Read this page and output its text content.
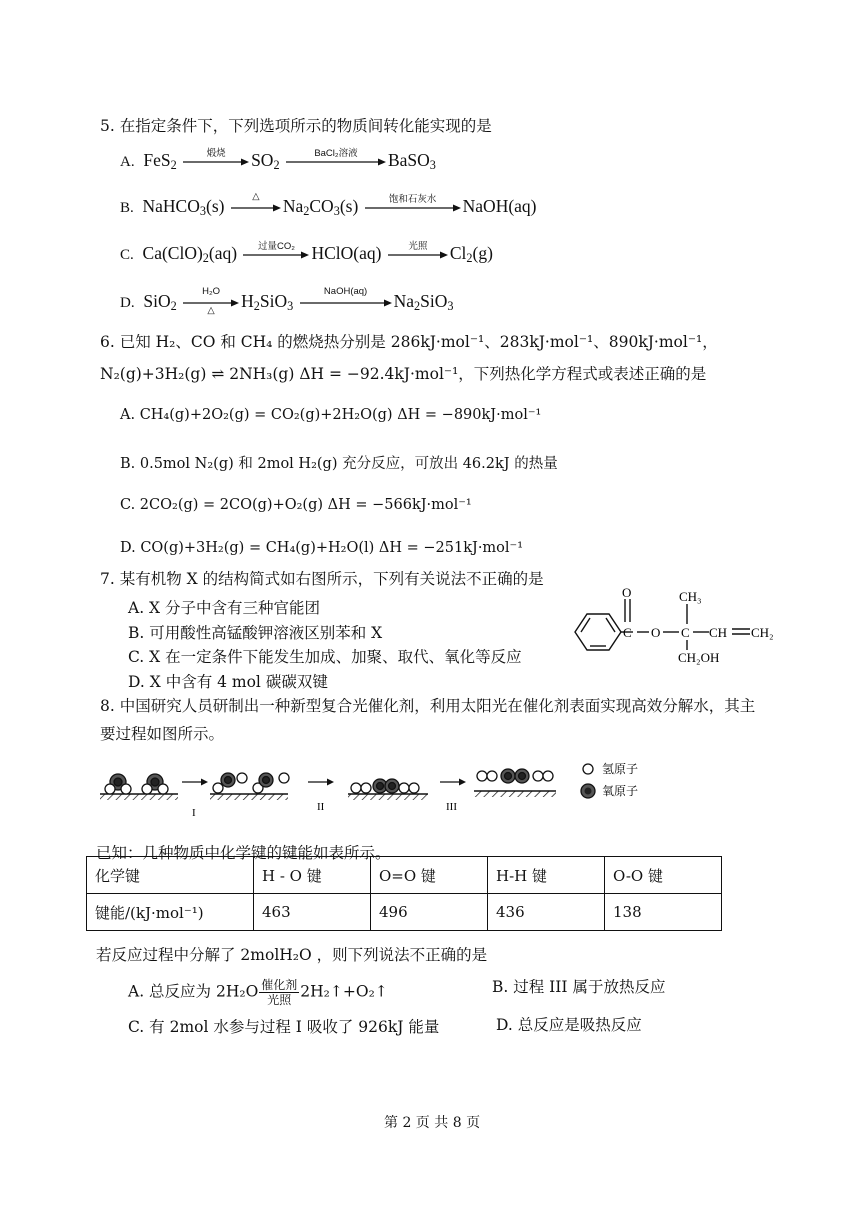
5. 在指定条件下，下列选项所示的物质间转化能实现的是
A. FeS$_2$
煅烧	$SO_2$
BaCl₂溶液	BaSO$_3$
B. NaHCO$_3$(s)	△	$Na_2CO_3(s)$	饱和石灰水	NaOH(aq)
C. $Ca(ClO)_2(aq)$	过量CO₂ HClO(aq)	光照	$Cl_2(g)$
D. SiO$_2$
H₂O
△	$H_2SiO_3$
NaOH(aq)	$Na_2SiO_3$
6. 已知 H₂、CO 和 CH₄ 的燃烧热分别是 286kJ·mol⁻¹、283kJ·mol⁻¹、890kJ·mol⁻¹，
N₂(g)+3H₂(g) ⇌ 2NH₃(g) ΔH = −92.4kJ·mol⁻¹，下列热化学方程式或表述正确的是
A. CH₄(g)+2O₂(g) = CO₂(g)+2H₂O(g) ΔH = −890kJ·mol⁻¹
B. 0.5mol N₂(g) 和 2mol H₂(g) 充分反应，可放出 46.2kJ 的热量
C. 2CO₂(g) = 2CO(g)+O₂(g) ΔH = −566kJ·mol⁻¹
D. CO(g)+3H₂(g) = CH₄(g)+H₂O(l) ΔH = −251kJ·mol⁻¹
7. 某有机物 X 的结构简式如右图所示，下列有关说法不正确的是
A. X 分子中含有三种官能团
B. 可用酸性高锰酸钾溶液区别苯和 X
C. X 在一定条件下能发生加成、加聚、取代、氧化等反应
D. X 中含有 4 mol 碳碳双键
O
C O
CH₃
C CH CH₂
CH₂OH
8. 中国研究人员研制出一种新型复合光催化剂，利用太阳光在催化剂表面实现高效分解水，其主
要过程如图所示。
I	II	III
氢原子
氧原子
已知：几种物质中化学键的键能如表所示。
化学键	H - O 键	O=O 键	H-H 键	O-O 键
键能/(kJ·mol⁻¹)	463	496	436	138
若反应过程中分解了 2molH₂O ，则下列说法不正确的是
A. 总反应为 $2H_2O \frac{\text{催化剂}}{\text{光照}}$ 2H₂↑+O₂↑	B. 过程 III 属于放热反应
C. 有 2mol 水参与过程 I 吸收了 926kJ 能量	D. 总反应是吸热反应
第 2 页 共 8 页
